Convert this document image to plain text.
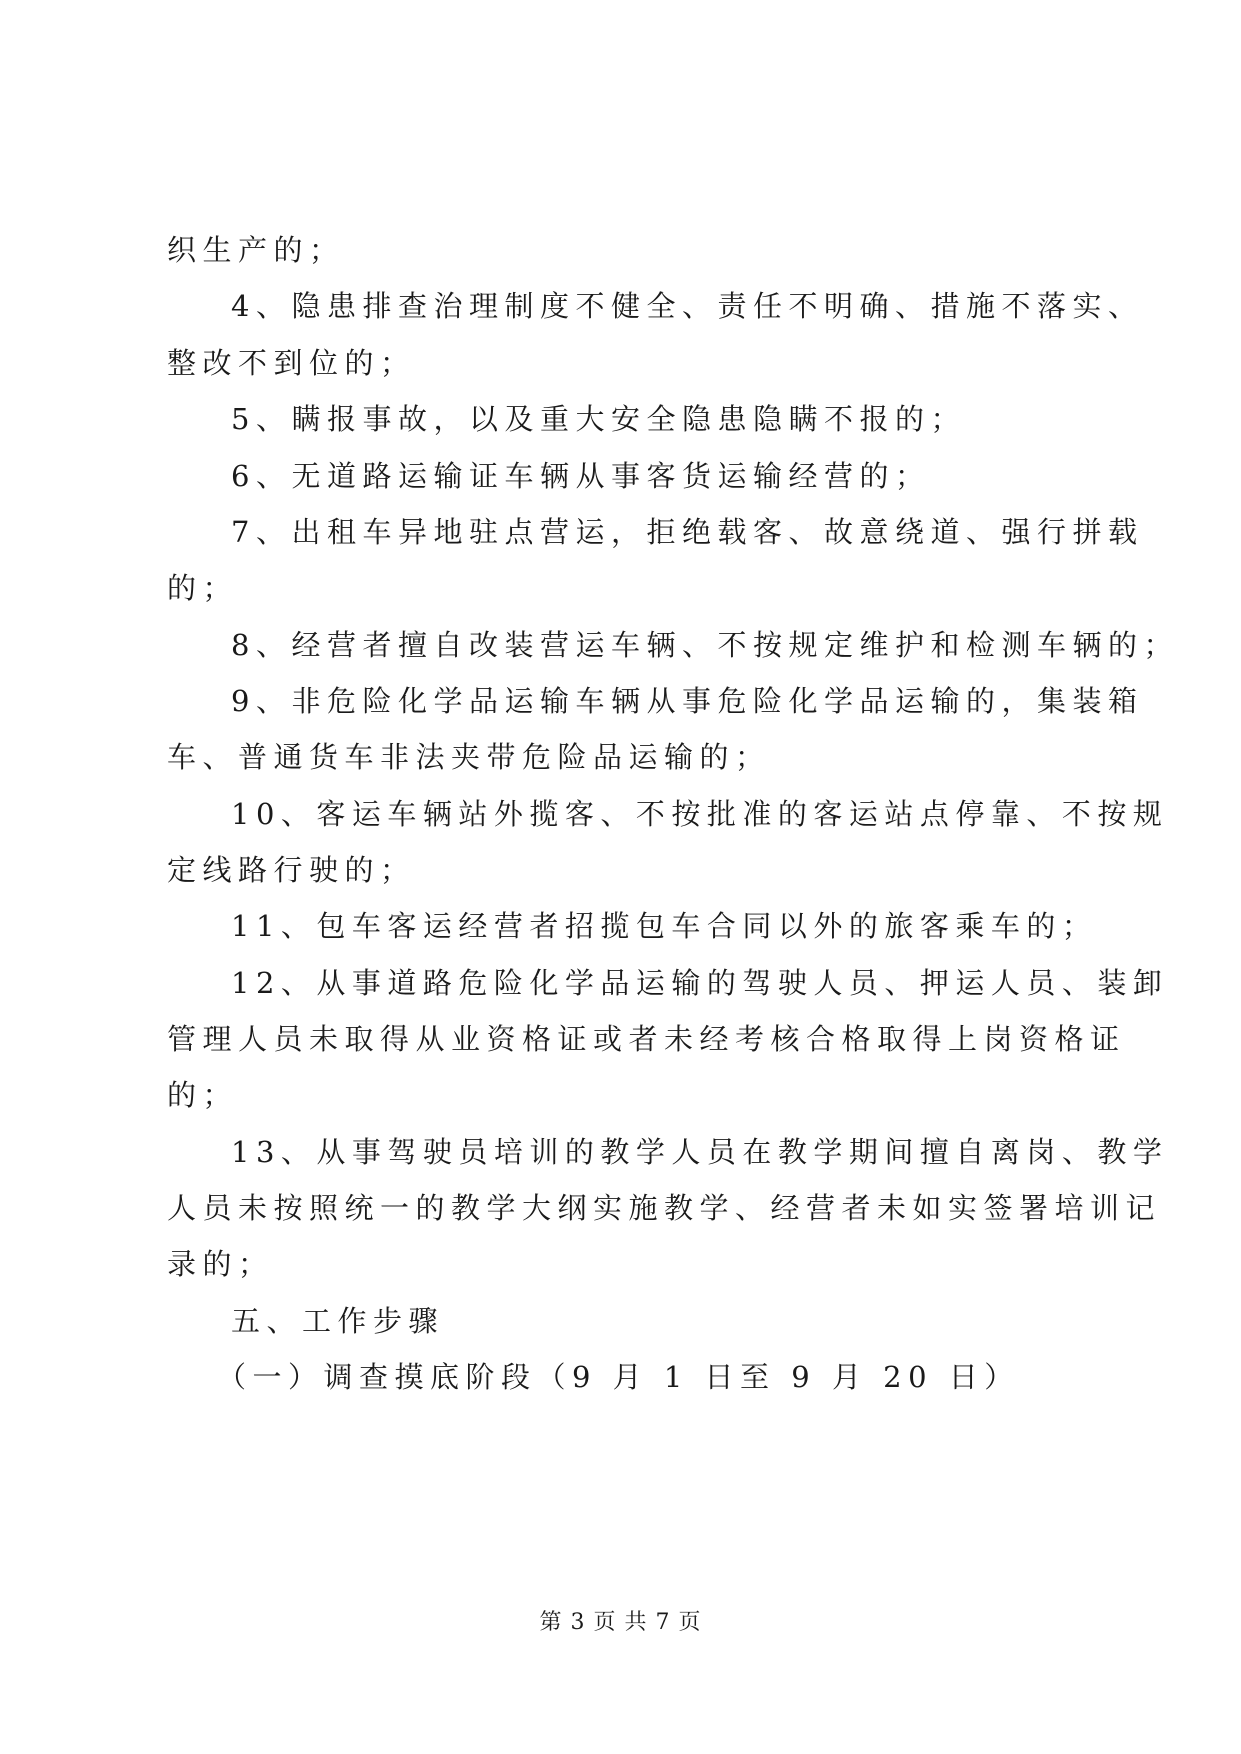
织生产的；
4、隐患排查治理制度不健全、责任不明确、措施不落实、
整改不到位的；
5、瞒报事故，以及重大安全隐患隐瞒不报的；
6、无道路运输证车辆从事客货运输经营的；
7、出租车异地驻点营运，拒绝载客、故意绕道、强行拼载
的；
8、经营者擅自改装营运车辆、不按规定维护和检测车辆的；
9、非危险化学品运输车辆从事危险化学品运输的，集装箱
车、普通货车非法夹带危险品运输的；
10、客运车辆站外揽客、不按批准的客运站点停靠、不按规
定线路行驶的；
11、包车客运经营者招揽包车合同以外的旅客乘车的；
12、从事道路危险化学品运输的驾驶人员、押运人员、装卸
管理人员未取得从业资格证或者未经考核合格取得上岗资格证
的；
13、从事驾驶员培训的教学人员在教学期间擅自离岗、教学
人员未按照统一的教学大纲实施教学、经营者未如实签署培训记
录的；
五、工作步骤
（一）调查摸底阶段（9 月 1 日至 9 月 20 日）
第 3 页 共 7 页
